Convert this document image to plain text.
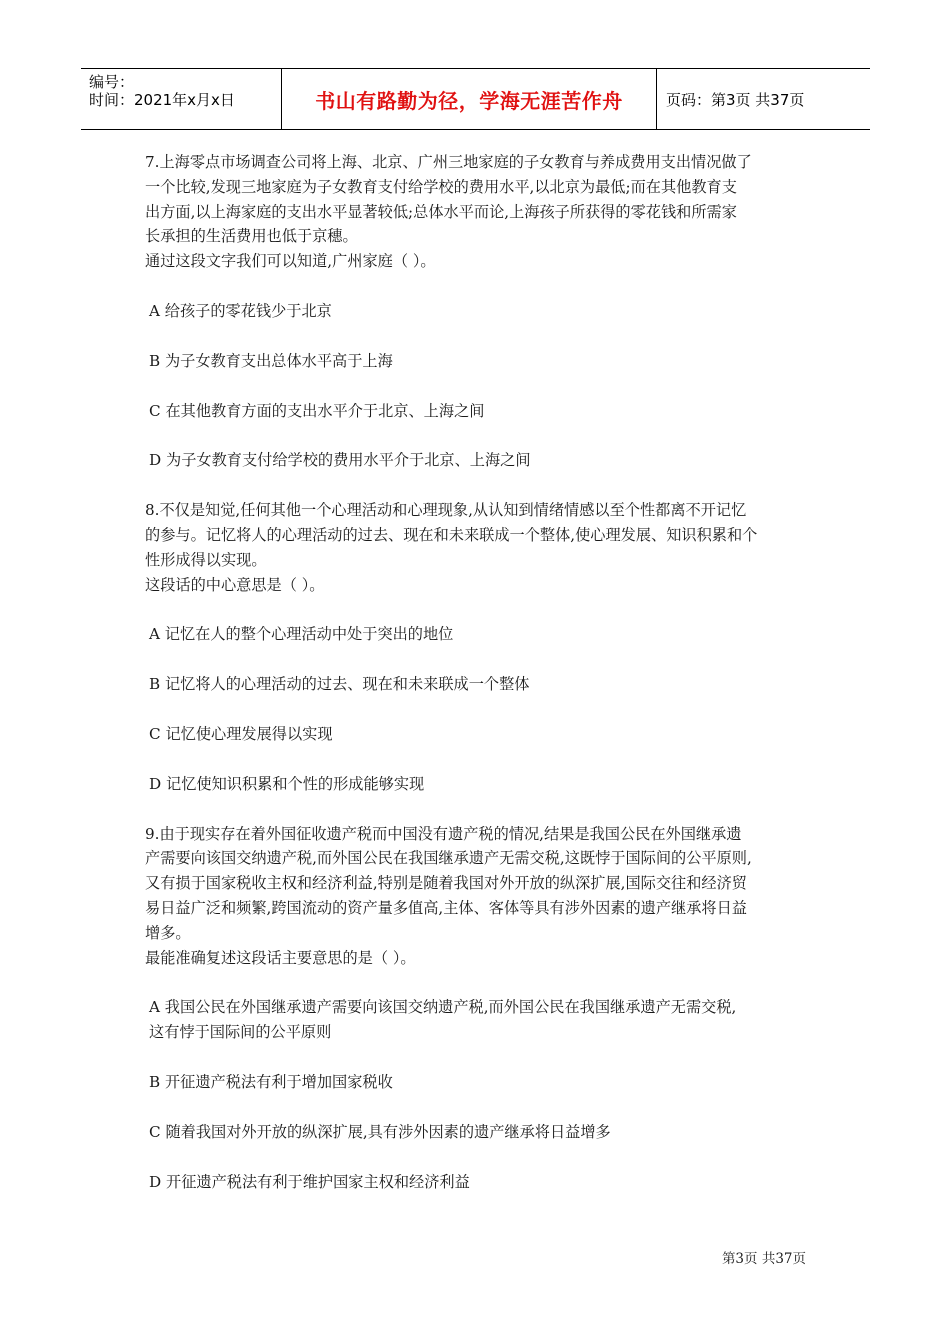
编号：
时间：2021年x月x日	书山有路勤为径，学海无涯苦作舟	页码：第3页 共37页

7.上海零点市场调查公司将上海、北京、广州三地家庭的子女教育与养成费用支出情况做了

一个比较,发现三地家庭为子女教育支付给学校的费用水平,以北京为最低;而在其他教育支

出方面,以上海家庭的支出水平显著较低;总体水平而论,上海孩子所获得的零花钱和所需家

长承担的生活费用也低于京穗。

通过这段文字我们可以知道,广州家庭（ ）。

A 给孩子的零花钱少于北京

B 为子女教育支出总体水平高于上海

C 在其他教育方面的支出水平介于北京、上海之间

D 为子女教育支付给学校的费用水平介于北京、上海之间

8.不仅是知觉,任何其他一个心理活动和心理现象,从认知到情绪情感以至个性都离不开记忆

的参与。记忆将人的心理活动的过去、现在和未来联成一个整体,使心理发展、知识积累和个

性形成得以实现。

这段话的中心意思是（ ）。

A 记忆在人的整个心理活动中处于突出的地位

B 记忆将人的心理活动的过去、现在和未来联成一个整体

C 记忆使心理发展得以实现

D 记忆使知识积累和个性的形成能够实现

9.由于现实存在着外国征收遗产税而中国没有遗产税的情况,结果是我国公民在外国继承遗

产需要向该国交纳遗产税,而外国公民在我国继承遗产无需交税,这既悖于国际间的公平原则,

又有损于国家税收主权和经济利益,特别是随着我国对外开放的纵深扩展,国际交往和经济贸

易日益广泛和频繁,跨国流动的资产量多值高,主体、客体等具有涉外因素的遗产继承将日益

增多。

最能准确复述这段话主要意思的是（ ）。

A 我国公民在外国继承遗产需要向该国交纳遗产税,而外国公民在我国继承遗产无需交税,

这有悖于国际间的公平原则

B 开征遗产税法有利于增加国家税收

C 随着我国对外开放的纵深扩展,具有涉外因素的遗产继承将日益增多

D 开征遗产税法有利于维护国家主权和经济利益

第3页 共37页
